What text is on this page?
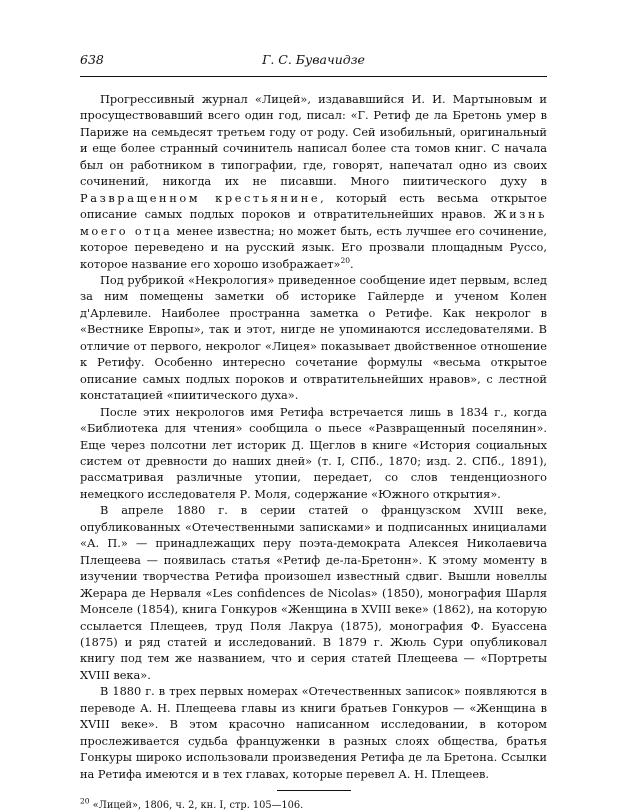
638	Г. С. Бувачидзе

Прогрессивный журнал «Лицей», издававшийся И. И. Мартыновым и просуществовавший всего один год, писал: «Г. Ретиф де ла Бретонь умер в Париже на семьдесят третьем году от роду. Сей изобильный, оригинальный и еще более странный сочинитель написал более ста томов книг. С начала был он работником в типографии, где, говорят, напечатал одно из своих сочинений, никогда их не писавши. Много пиитического духу в Развращенном крестьянине, который есть весьма открытое описание самых подлых пороков и отвратительнейших нравов. Жизнь моего отца менее известна; но может быть, есть лучшее его сочинение, которое переведено и на русский язык. Его прозвали площадным Руссо, которое название его хорошо изображает»$^{20}$.

Под рубрикой «Некрология» приведенное сообщение идет первым, вслед за ним помещены заметки об историке Гайлерде и ученом Колен д'Арлевиле. Наиболее пространна заметка о Ретифе. Как некролог в «Вестнике Европы», так и этот, нигде не упоминаются исследователями. В отличие от первого, некролог «Лицея» показывает двойственное отношение к Ретифу. Особенно интересно сочетание формулы «весьма открытое описание самых подлых пороков и отвратительнейших нравов», с лестной констатацией «пиитического духа».

После этих некрологов имя Ретифа встречается лишь в 1834 г., когда «Библиотека для чтения» сообщила о пьесе «Развращенный поселянин». Еще через полсотни лет историк Д. Щеглов в книге «История социальных систем от древности до наших дней» (т. I, СПб., 1870; изд. 2. СПб., 1891), рассматривая различные утопии, передает, со слов тенденциозного немецкого исследователя Р. Моля, содержание «Южного открытия».

В апреле 1880 г. в серии статей о французском XVIII веке, опубликованных «Отечественными записками» и подписанных инициалами «А. П.» — принадлежащих перу поэта-демократа Алексея Николаевича Плещеева — появилась статья «Ретиф де-ла-Бретонн». К этому моменту в изучении творчества Ретифа произошел известный сдвиг. Вышли новеллы Жерара де Нерваля «Les confidences de Nicolas» (1850), монография Шарля Монселе (1854), книга Гонкуров «Женщина в XVIII веке» (1862), на которую ссылается Плещеев, труд Поля Лакруа (1875), монография Ф. Буассена (1875) и ряд статей и исследований. В 1879 г. Жюль Сури опубликовал книгу под тем же названием, что и серия статей Плещеева — «Портреты XVIII века».

В 1880 г. в трех первых номерах «Отечественных записок» появляются в переводе А. Н. Плещеева главы из книги братьев Гонкуров — «Женщина в XVIII веке». В этом красочно написанном исследовании, в котором прослеживается судьба француженки в разных слоях общества, братья Гонкуры широко использовали произведения Ретифа де ла Бретона. Ссылки на Ретифа имеются и в тех главах, которые перевел А. Н. Плещеев.

$^{20}$ «Лицей», 1806, ч. 2, кн. I, стр. 105—106.
